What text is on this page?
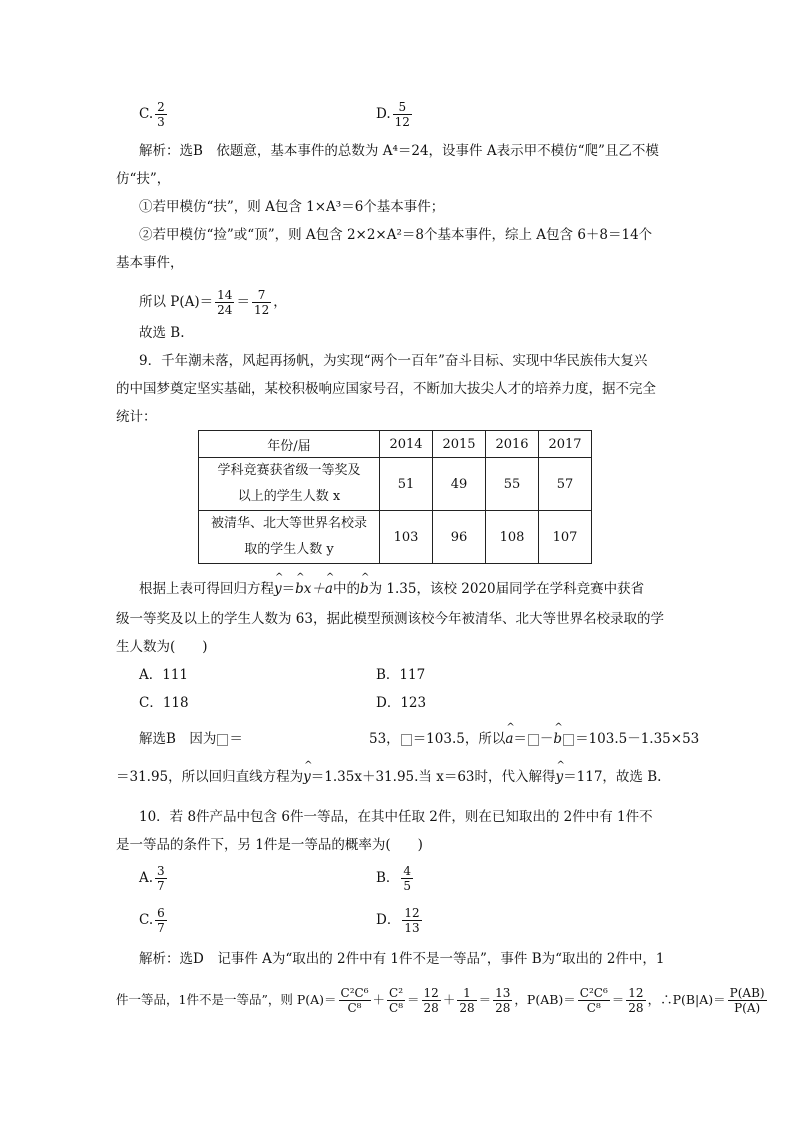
C. $\frac{2}{3}$	D. $\frac{5}{12}$
解析：选B　依题意，基本事件的总数为 A⁴＝24，设事件 A表示甲不模仿“爬”且乙不模
仿“扶”，
①若甲模仿“扶”，则 A包含 1×A³＝6个基本事件；
②若甲模仿“捡”或“顶”，则 A包含 2×2×A²＝8个基本事件，综上 A包含 6＋8＝14个
基本事件，
所以 $P(A)= \frac{14}{24} = \frac{7}{12}$ ，
故选 B.
9．千年潮未落，风起再扬帆，为实现“两个一百年”奋斗目标、实现中华民族伟大复兴
的中国梦奠定坚实基础，某校积极响应国家号召，不断加大拔尖人才的培养力度，据不完全
统计：
年份/届	2014	2015	2016	2017
学科竞赛获省级一等奖及
以上的学生人数 x	51	49	55	57
被清华、北大等世界名校录
取的学生人数 y	103	96	108	107
根据上表可得回归方程^ y＝^ bx＋^ a中的^ b为 1.35，该校 2020届同学在学科竞赛中获省
级一等奖及以上的学生人数为 63，据此模型预测该校今年被清华、北大等世界名校录取的学
生人数为(　　)
A．111	B．117
C．118	D．123
解选B　因为 ＝	53， ＝103.5，所以^ a＝ －^ b ＝103.5－1.35×53
＝31.95，所以回归直线方程为^ y＝1.35x＋31.95.当 x＝63时，代入解得^ y＝117，故选 B.
10．若 8件产品中包含 6件一等品，在其中任取 2件，则在已知取出的 2件中有 1件不
是一等品的条件下，另 1件是一等品的概率为(　　)
A. $\frac{3}{7}$	B． $\frac{4}{5}$
C. $\frac{6}{7}$	D． $\frac{12}{13}$
解析：选D　记事件 A为“取出的 2件中有 1件不是一等品”，事件 B为“取出的 2件中，1
件一等品，1件不是一等品”，则 $P(A)= \frac{\text{C²C⁶}}{\text{C⁸}} + \frac{\text{C²}}{\text{C⁸}} = \frac{12}{28} + \frac{1}{28} = \frac{13}{28}$ ，$P(AB)= \frac{\text{C²C⁶}}{\text{C⁸}} = \frac{12}{28}$ ，∴P(B|A)＝ $\frac{P(AB)}{P(A)}$
